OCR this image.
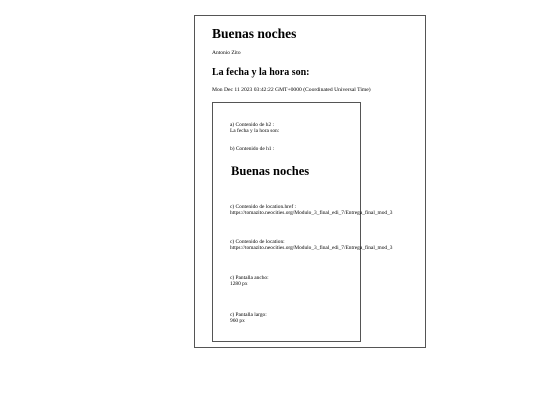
Buenas noches

Antonio Zito

La fecha y la hora son:

Mon Dec 11 2023 03:42:22 GMT+0000 (Coordinated Universal Time)

a) Contenido de h2 :

La fecha y la hora son:

b) Contenido de h1 :

Buenas noches

c) Contenido de location.href :

https://tomazito.neocities.org/Modulo_3_final_edi_7/Entrega_final_mod_3

c) Contenido de location:

https://tomazito.neocities.org/Modulo_3_final_edi_7/Entrega_final_mod_3

c) Pantalla ancho:

1280 px

c) Pantalla largo:

960 px
